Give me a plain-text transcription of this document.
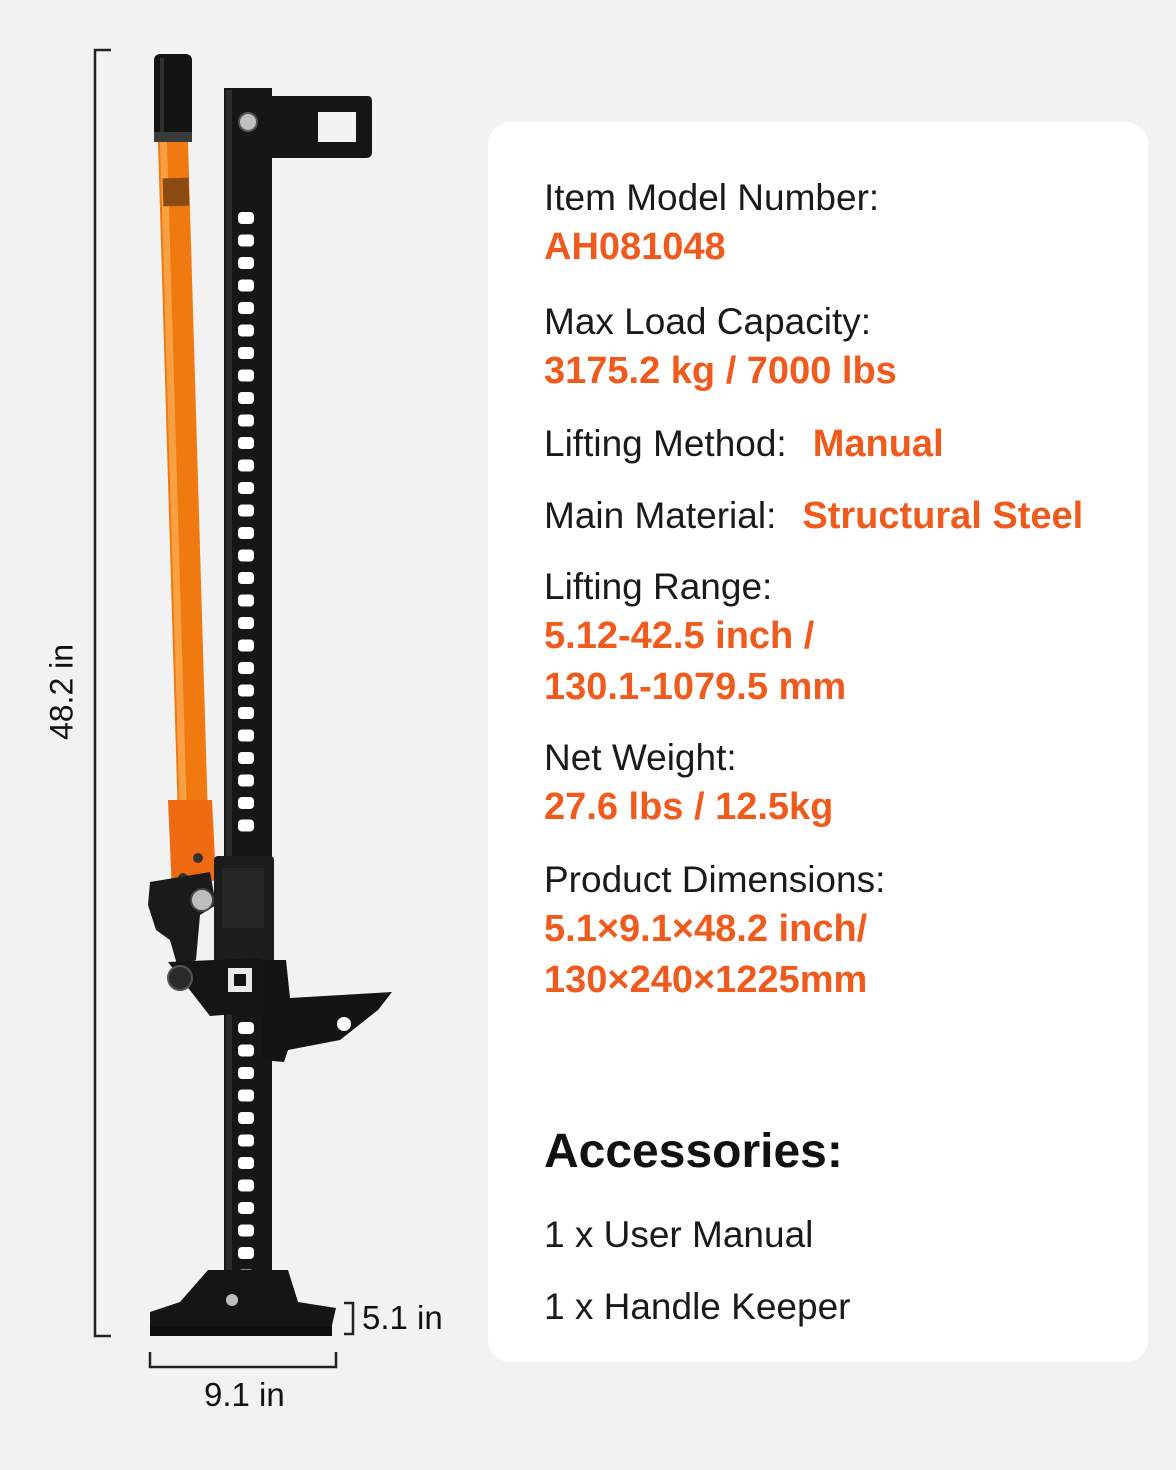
48.2 in
5.1 in
9.1 in
Item Model Number:
AH081048
Max Load Capacity:
3175.2 kg / 7000 lbs
Lifting Method: Manual
Main Material: Structural Steel
Lifting Range:
5.12-42.5 inch /
130.1-1079.5 mm
Net Weight:
27.6 lbs / 12.5kg
Product Dimensions:
5.1×9.1×48.2 inch/
130×240×1225mm
Accessories:
1 x User Manual
1 x Handle Keeper
